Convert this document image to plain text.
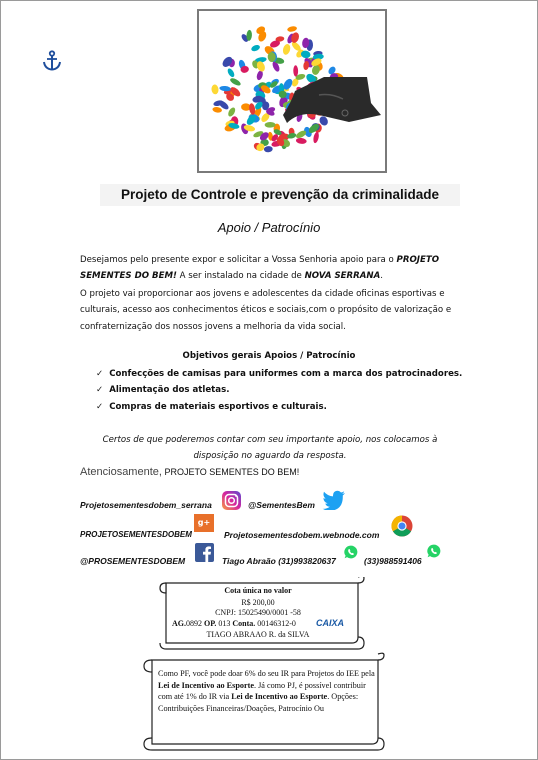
Projeto de Controle e prevenção da criminalidade
Apoio / Patrocínio
Desejamos pelo presente expor e solicitar a Vossa Senhoria apoio para o PROJETO SEMENTES DO BEM! A ser instalado na cidade de NOVA SERRANA.
O projeto vai proporcionar aos jovens e adolescentes da cidade oficinas esportivas e culturais, acesso aos conhecimentos éticos e sociais,com o propósito de valorização e confraternização dos nossos jovens a melhoria da vida social.
Objetivos gerais Apoios / Patrocínio
✓ Confecções de camisas para uniformes com a marca dos patrocinadores.
✓ Alimentação dos atletas.
✓ Compras de materiais esportivos e culturais.
Certos de que poderemos contar com seu importante apoio, nos colocamos à disposição no aguardo da resposta.
Atenciosamente, PROJETO SEMENTES DO BEM!
Projetosementesdobem_serrana	@SementesBem
PROJETOSEMENTESDOBEM
g+
Projetosementesdobem.webnode.com
@PROSEMENTESDOBEM	Tiago Abraão (31)993820637	(33)988591406
Cota única no valor
R$ 200,00
CNPJ: 15025490/0001 -58
AG.0892 OP. 013 Conta. 00146312-0	CAIXA
TIAGO ABRAAO R. da SILVA
Como PF, você pode doar 6% do seu IR para Projetos do IEE pela Lei de Incentivo ao Esporte. Já como PJ, é possível contribuir com até 1% do IR via Lei de Incentivo ao Esporte. Opções: Contribuições Financeiras/Doações, Patrocínio Ou
